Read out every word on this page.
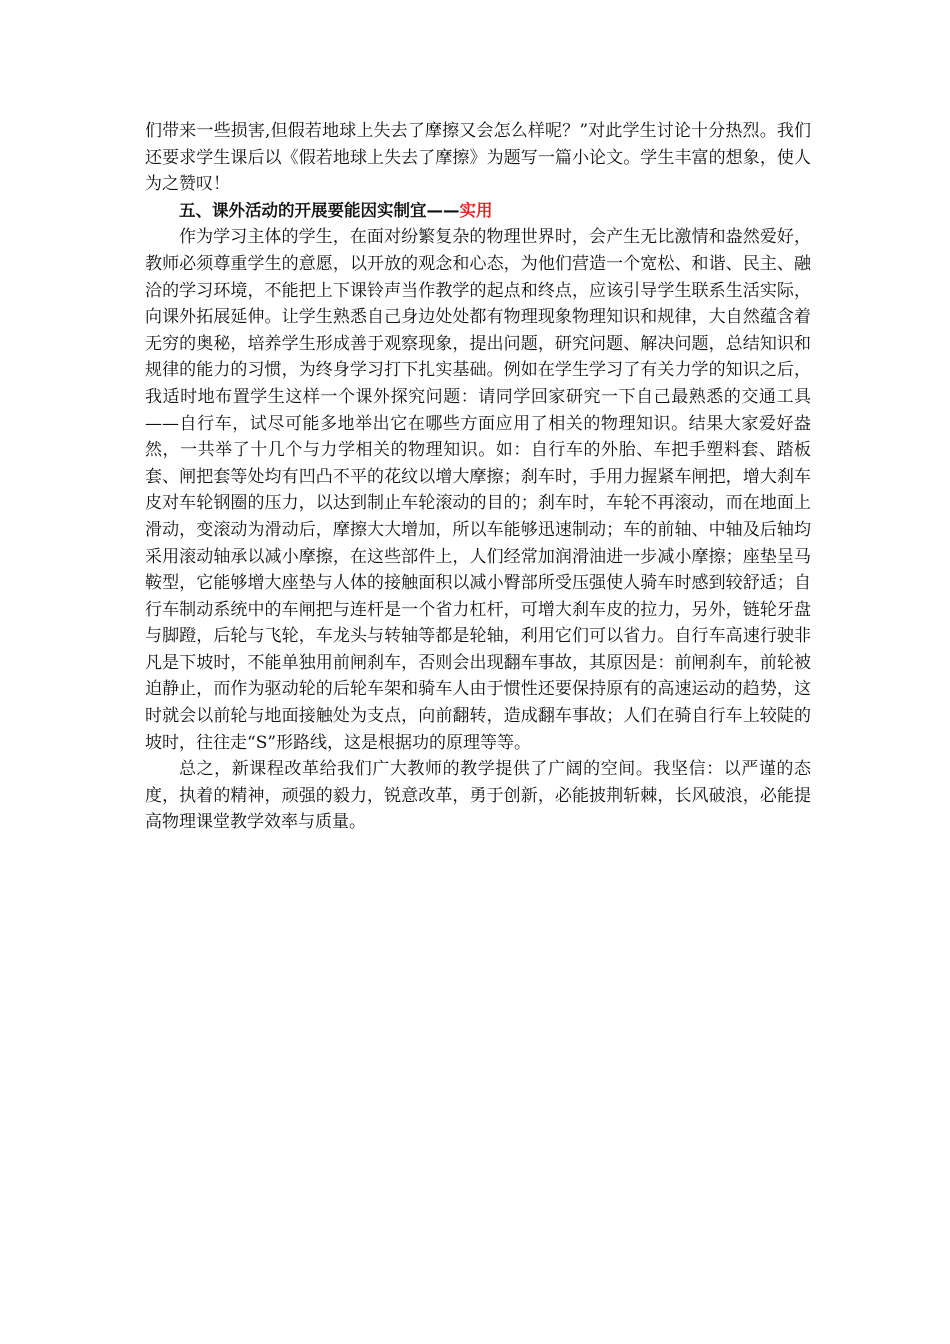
们带来一些损害,但假若地球上失去了摩擦又会怎么样呢？”对此学生讨论十分热烈。我们还要求学生课后以《假若地球上失去了摩擦》为题写一篇小论文。学生丰富的想象，使人为之赞叹！

五、课外活动的开展要能因实制宜——实用

作为学习主体的学生，在面对纷繁复杂的物理世界时，会产生无比激情和盎然爱好，教师必须尊重学生的意愿，以开放的观念和心态，为他们营造一个宽松、和谐、民主、融洽的学习环境，不能把上下课铃声当作教学的起点和终点，应该引导学生联系生活实际，向课外拓展延伸。让学生熟悉自己身边处处都有物理现象物理知识和规律，大自然蕴含着无穷的奥秘，培养学生形成善于观察现象，提出问题，研究问题、解决问题，总结知识和规律的能力的习惯，为终身学习打下扎实基础。例如在学生学习了有关力学的知识之后，我适时地布置学生这样一个课外探究问题：请同学回家研究一下自己最熟悉的交通工具——自行车，试尽可能多地举出它在哪些方面应用了相关的物理知识。结果大家爱好盎然，一共举了十几个与力学相关的物理知识。如：自行车的外胎、车把手塑料套、踏板套、闸把套等处均有凹凸不平的花纹以增大摩擦；刹车时，手用力握紧车闸把，增大刹车皮对车轮钢圈的压力，以达到制止车轮滚动的目的；刹车时，车轮不再滚动，而在地面上滑动，变滚动为滑动后，摩擦大大增加，所以车能够迅速制动；车的前轴、中轴及后轴均采用滚动轴承以减小摩擦，在这些部件上，人们经常加润滑油进一步减小摩擦；座垫呈马鞍型，它能够增大座垫与人体的接触面积以减小臀部所受压强使人骑车时感到较舒适；自行车制动系统中的车闸把与连杆是一个省力杠杆，可增大刹车皮的拉力，另外，链轮牙盘与脚蹬，后轮与飞轮，车龙头与转轴等都是轮轴，利用它们可以省力。自行车高速行驶非凡是下坡时，不能单独用前闸刹车，否则会出现翻车事故，其原因是：前闸刹车，前轮被迫静止，而作为驱动轮的后轮车架和骑车人由于惯性还要保持原有的高速运动的趋势，这时就会以前轮与地面接触处为支点，向前翻转，造成翻车事故；人们在骑自行车上较陡的坡时，往往走“S”形路线，这是根据功的原理等等。

总之，新课程改革给我们广大教师的教学提供了广阔的空间。我坚信：以严谨的态度，执着的精神，顽强的毅力，锐意改革，勇于创新，必能披荆斩棘，长风破浪，必能提高物理课堂教学效率与质量。
